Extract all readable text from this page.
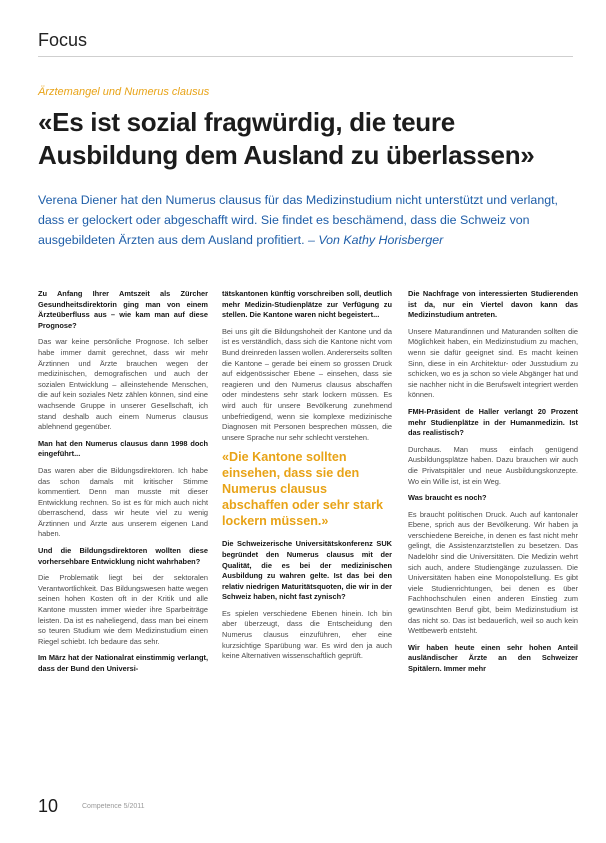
Focus
Ärztemangel und Numerus clausus
«Es ist sozial fragwürdig, die teure Ausbildung dem Ausland zu überlassen»
Verena Diener hat den Numerus clausus für das Medizinstudium nicht unterstützt und verlangt, dass er gelockert oder abgeschafft wird. Sie findet es beschämend, dass die Schweiz von ausgebildeten Ärzten aus dem Ausland profitiert. – Von Kathy Horisberger

Zu Anfang Ihrer Amtszeit als Zürcher Gesundheitsdirektorin ging man von einem Ärzteüberfluss aus – wie kam man auf diese Prognose?

Das war keine persönliche Prognose. Ich selber habe immer damit gerechnet, dass wir mehr Ärztinnen und Ärzte brauchen wegen der medizinischen, demografischen und auch der sozialen Entwicklung – alleinstehende Menschen, die auf kein soziales Netz zählen können, sind eine wachsende Gruppe in unserer Gesellschaft, ich stand deshalb auch einem Numerus clausus ablehnend gegenüber.

Man hat den Numerus clausus dann 1998 doch eingeführt...

Das waren aber die Bildungsdirektoren. Ich habe das schon damals mit kritischer Stimme kommentiert. Denn man musste mit dieser Entwicklung rechnen. So ist es für mich auch nicht überraschend, dass wir heute viel zu wenig Ärztinnen und Ärzte aus unserem eigenen Land haben.

Und die Bildungsdirektoren wollten diese vorhersehbare Entwicklung nicht wahrhaben?

Die Problematik liegt bei der sektoralen Verantwortlichkeit. Das Bildungswesen hatte wegen seinen hohen Kosten oft in der Kritik und alle Kantone mussten immer wieder ihre Sparbeiträge leisten. Da ist es naheliegend, dass man bei einem so teuren Studium wie dem Medizinstudium einen Riegel schiebt. Ich bedaure das sehr.

Im März hat der Nationalrat einstimmig verlangt, dass der Bund den Universi-

tätskantonen künftig vorschreiben soll, deutlich mehr Medizin-Studienplätze zur Verfügung zu stellen. Die Kantone waren nicht begeistert...

Bei uns gilt die Bildungshoheit der Kantone und da ist es verständlich, dass sich die Kantone nicht vom Bund dreinreden lassen wollen. Andererseits sollten die Kantone – gerade bei einem so grossen Druck auf eidgenössischer Ebene – einsehen, dass sie reagieren und den Numerus clausus abschaffen oder mindestens sehr stark lockern müssen. Es wird auch für unsere Bevölkerung zunehmend unbefriedigend, wenn sie komplexe medizinische Diagnosen mit Personen besprechen müssen, die unsere Sprache nur sehr schlecht verstehen.

«Die Kantone sollten einsehen, dass sie den Numerus clausus abschaffen oder sehr stark lockern müssen.»

Die Schweizerische Universitätskonferenz SUK begründet den Numerus clausus mit der Qualität, die es bei der medizinischen Ausbildung zu wahren gelte. Ist das bei den relativ niedrigen Maturitätsquoten, die wir in der Schweiz haben, nicht fast zynisch?

Es spielen verschiedene Ebenen hinein. Ich bin aber überzeugt, dass die Entscheidung den Numerus clausus einzuführen, eher eine kurzsichtige Sparübung war. Es wird den ja auch keine Alternativen wissenschaftlich geprüft.

Die Nachfrage von interessierten Studierenden ist da, nur ein Viertel davon kann das Medizinstudium antreten.

Unsere Maturandinnen und Maturanden sollten die Möglichkeit haben, ein Medizinstudium zu machen, wenn sie dafür geeignet sind. Es macht keinen Sinn, diese in ein Architektur- oder Jusstudium zu schicken, wo es ja schon so viele Abgänger hat und sie nachher nicht in die Berufswelt integriert werden können.

FMH-Präsident de Haller verlangt 20 Prozent mehr Studienplätze in der Humanmedizin. Ist das realistisch?

Durchaus. Man muss einfach genügend Ausbildungsplätze haben. Dazu brauchen wir auch die Privatspitäler und neue Ausbildungskonzepte. Wo ein Wille ist, ist ein Weg.

Was braucht es noch?

Es braucht politischen Druck. Auch auf kantonaler Ebene, sprich aus der Bevölkerung. Wir haben ja verschiedene Bereiche, in denen es fast nicht mehr gelingt, die Assistenzarztstellen zu besetzen. Das Nadelöhr sind die Universitäten. Die Medizin wehrt sich auch, andere Studiengänge zuzulassen. Die Universitäten haben eine Monopolstellung. Es gibt viele Studienrichtungen, bei denen es über Fachhochschulen einen anderen Einstieg zum gewünschten Beruf gibt, beim Medizinstudium ist das nicht so. Das ist bedauerlich, weil so auch kein Wettbewerb entsteht.

Wir haben heute einen sehr hohen Anteil ausländischer Ärzte an den Schweizer Spitälern. Immer mehr

10	Competence 5/2011
